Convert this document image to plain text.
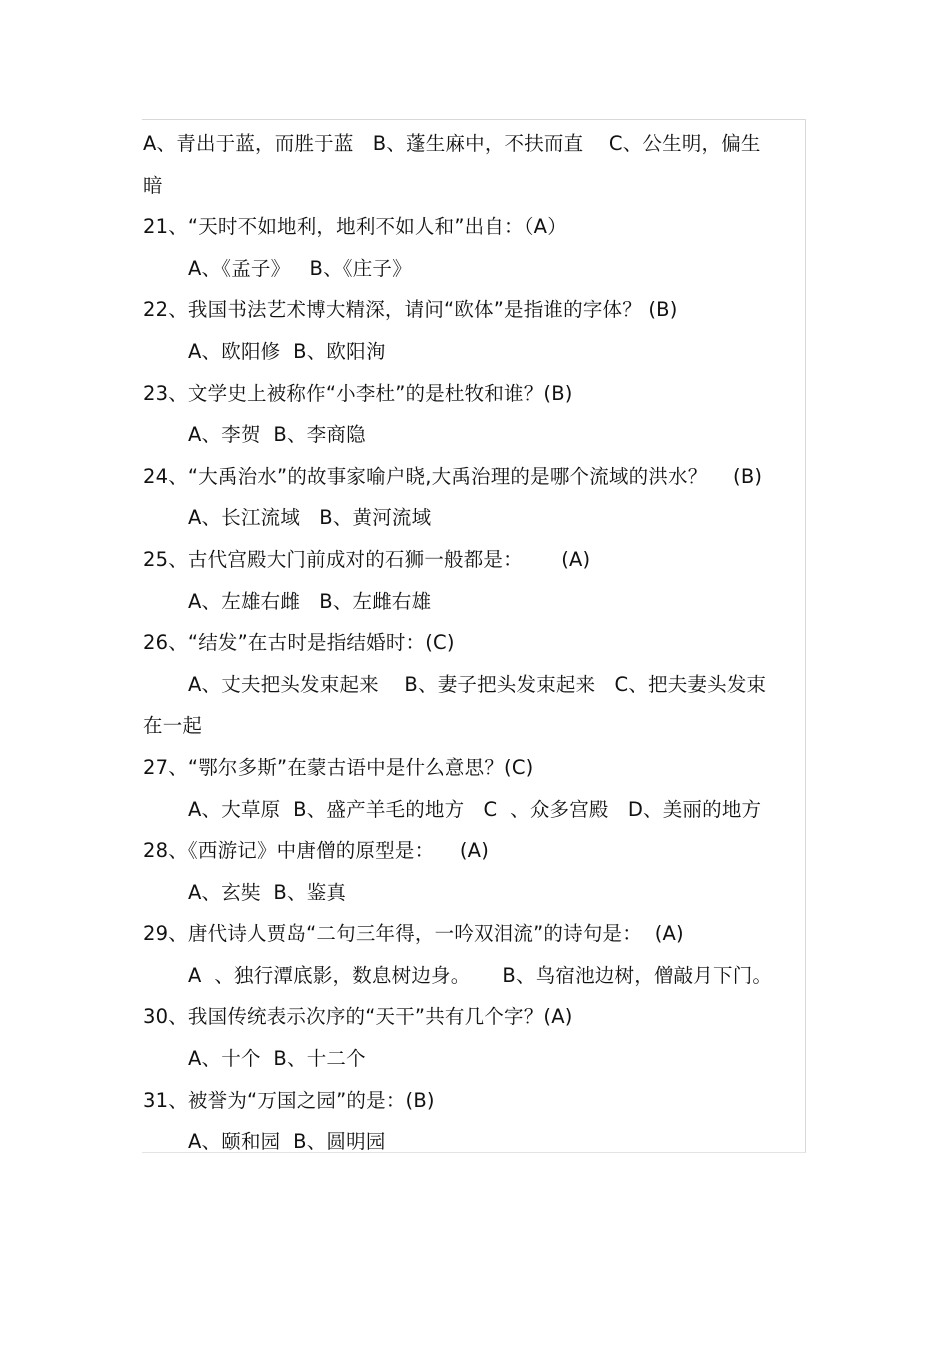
A、青出于蓝，而胜于蓝   B、蓬生麻中，不扶而直    C、公生明，偏生
暗
21、“天时不如地利，地利不如人和”出自：（A）
A、《孟子》   B、《庄子》
22、我国书法艺术博大精深，请问“欧体”是指谁的字体？ (B)
A、欧阳修  B、欧阳洵
23、文学史上被称作“小李杜”的是杜牧和谁？(B)
A、李贺  B、李商隐
24、“大禹治水”的故事家喻户晓,大禹治理的是哪个流域的洪水？    (B)
A、长江流域   B、黄河流域
25、古代宫殿大门前成对的石狮一般都是：      (A)
A、左雄右雌   B、左雌右雄
26、“结发”在古时是指结婚时：(C)
A、丈夫把头发束起来    B、妻子把头发束起来   C、把夫妻头发束
在一起
27、“鄂尔多斯”在蒙古语中是什么意思？(C)
A、大草原  B、盛产羊毛的地方   C  、众多宫殿   D、美丽的地方
28、《西游记》中唐僧的原型是：    (A)
A、玄奘  B、鉴真
29、唐代诗人贾岛“二句三年得，一吟双泪流”的诗句是：  (A)
A  、独行潭底影，数息树边身。     B、鸟宿池边树，僧敲月下门。
30、我国传统表示次序的“天干”共有几个字？(A)
A、十个  B、十二个
31、被誉为“万国之园”的是：(B)
A、颐和园  B、圆明园
